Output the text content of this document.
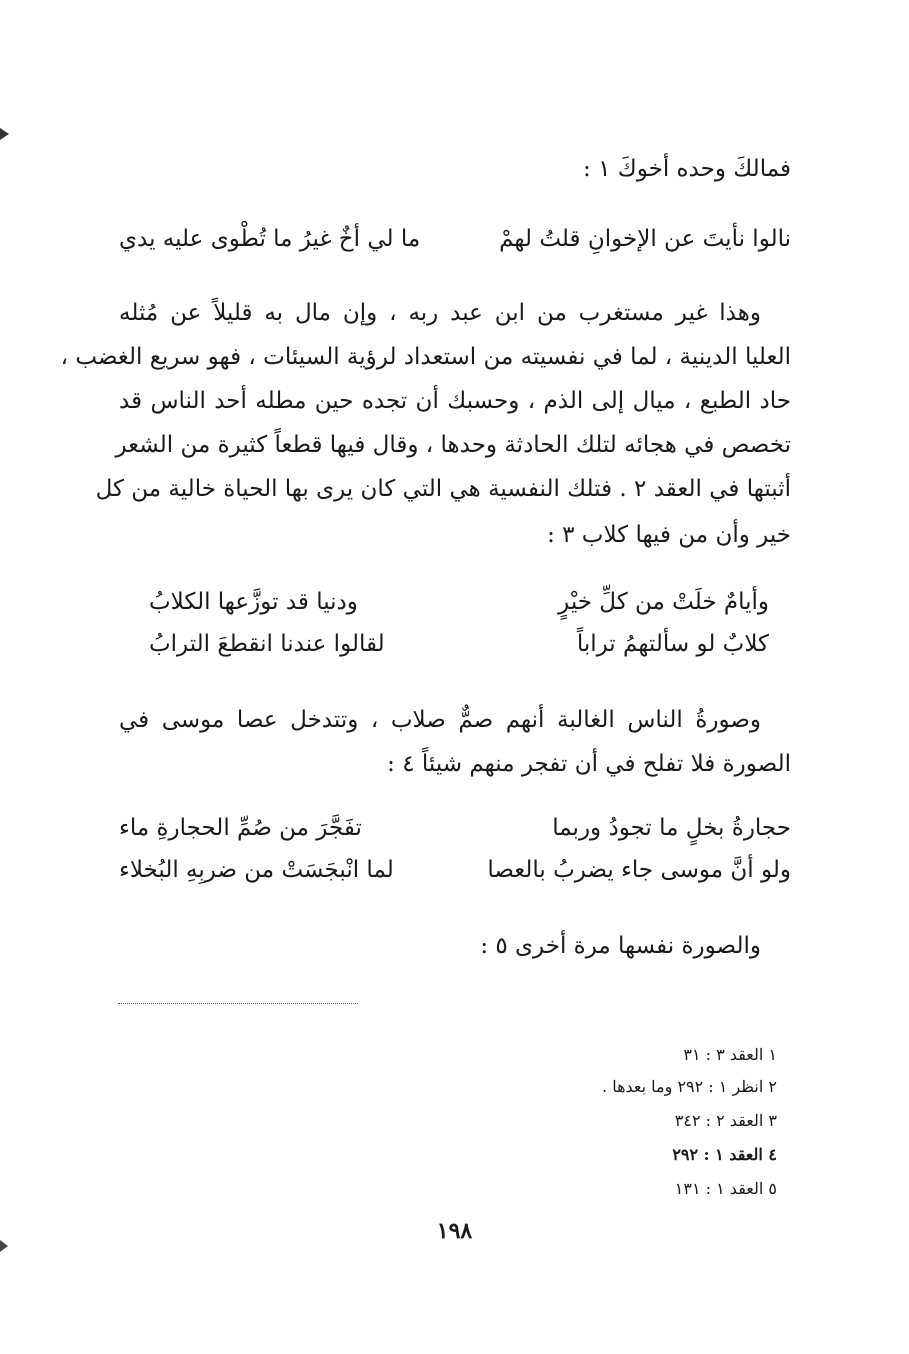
فمالكَ وحده أخوكَ ١ :
نالوا نأيتَ عن الإخوانِ قلتُ لهمْ
ما لي أخٌ غيرُ ما تُطْوى عليه يدي
وهذا غير مستغرب من ابن عبد ربه ، وإن مال به قليلاً عن مُثله
العليا الدينية ، لما في نفسيته من استعداد لرؤية السيئات ، فهو سريع الغضب ،
حاد الطبع ، ميال إلى الذم ، وحسبك أن تجده حين مطله أحد الناس قد
تخصص في هجائه لتلك الحادثة وحدها ، وقال فيها قطعاً كثيرة من الشعر
أثبتها في العقد ٢ . فتلك النفسية هي التي كان يرى بها الحياة خالية من كل
خير وأن من فيها كلاب ٣ :
وأيامٌ خلَتْ من كلِّ خيْرٍ
ودنيا قد توزَّعها الكلابُ
كلابٌ لو سألتهمُ تراباً
لقالوا عندنا انقطعَ الترابُ
وصورةُ الناس الغالبة أنهم صمٌّ صلاب ، وتتدخل عصا موسى في
الصورة فلا تفلح في أن تفجر منهم شيئاً ٤ :
حجارةُ بخلٍ ما تجودُ وربما
تفَجَّرَ من صُمِّ الحجارةِ ماء
ولو أنَّ موسى جاء يضربُ بالعصا
لما انْبجَسَتْ من ضربِهِ البُخلاء
والصورة نفسها مرة أخرى ٥ :
١ العقد ٣ : ٣١
٢ انظر ١ : ٢٩٢ وما بعدها .
٣ العقد ٢ : ٣٤٢
٤ العقد ١ : ٢٩٢
٥ العقد ١ : ١٣١
١٩٨
